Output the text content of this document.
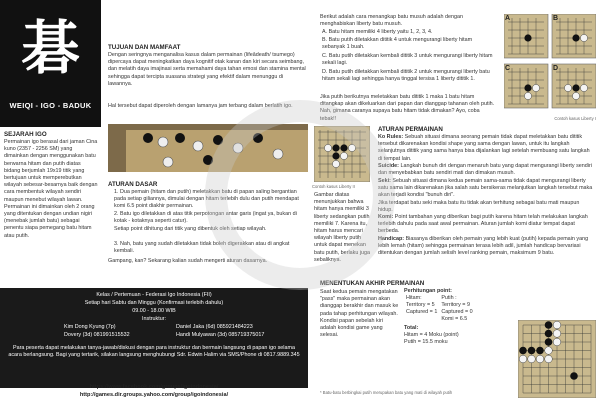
碁
WEIQI - IGO - BADUK
SEJARAH IGO
Permainan igo berasal dari jaman Cina kuno (2357 - 2256 SM) yang dimainkan dengan menggunakan batu berwarna hitam dan putih diatas bidang berjumlah 19x19 titik yang bertujuan untuk memperebutkan wilayah sebesar-besarnya baik dengan cara membentuk wilayah sendiri maupun menebut wilayah lawan. Permainan ini dimainkan oleh 2 orang yang ditentukan dengan undian nigiri (menebak jumlah batu) sebagai penentu siapa pemegang batu hitam atau putih.
TUJUAN DAN MAMFAAT
Dengan seringnya menganalisa kasus dalam permainan (lifeâdeath/ tsumego) dipercaya dapat meningkatkan daya kognitif otak kanan dan kiri secara seimbang, dan melatih daya imajinasi serta memahami daya tahan emosi dan stamina mental sehingga dapat tercipta suasana strategi yang efektif dalam menunggu di lawannya.
Hal tersebut dapat diperoleh dengan lamanya jam terbang dalam berlatih igo.
ATURAN DASAR
1. Dua pemain (hitam dan putih) meletakkan batu di papan saling bergantian pada setiap giliannya, dimulai dengan hitam terlebih dulu dan putih mendapat komi 6.5 point diakhir permainan.
2. Batu igo diletakkan di atas titik perpotongan antar garis (ingat ya, bukan di kotak - kotaknya seperti catur).
Setiap point dihitung dari titik yang dibentuk oleh setiap wilayah.
3. Nah, batu yang sudah diletakkan tidak boleh digerakkan atau di angkat kembali.
Gampang, kan? Sekarang kalian sudah mengerti aturan dasarnya.
Berikut adalah cara menangkap batu musuh adalah dengan menghabiskan liberty batu musuh.
A. Batu hitam memiliki 4 liberty yaitu 1, 2, 3, 4.
B. Batu putih diletakkan dititik 4 untuk mengurangi liberty hitam sebanyak 1 buah.
C. Batu putih diletakkan kembali dititik 3 untuk mengurangi liberty hitam sekali lagi.
D. Batu putih diletakkan kembali dititik 2 untuk mengurangi liberty batu hitam sekali lagi sehingga hanya tinggal tersisa 1 liberty dititik 1.
Jika putih berikutnya meletakkan batu dititik 1 maka 1 batu hitam ditangkap akan dikeluarkan dari papan dan dianggap tahanan oleh putih. Nah, gimana caranya supaya batu hitam tidak dimakan? Ayo, coba tebak!!
A	B
C	D
Contoh kasus Liberty I
Contoh kasus Liberty II
Gambar diatas menunjukkan bahwa hitam hanya memiliki 3 liberty sedangkan putih memiliki 7. Karena itu, hitam harus mencari wilayah liberty putih untuk dapat menekan batu putih, berlaku juga sebaliknya.
ATURAN PERMAINAN
Ko Rules: Sebuah situasi dimana seorang pemain tidak dapat meletakkan batu dititik tersebut dikarenakan kondisi shape yang sama dengan lawan, untuk itu langkah selanjutnya dititik yang sama hanya bisa dijalankan lagi setelah membuang satu langkah di tempat lain.
Suicide: Langkah bunuh diri dengan menaruh batu yang dapat mengurangi liberty sendiri dan menyebabkan batu sendiri mati dan dimakan musuh.
Seki: Sebuah situasi dimana kedua pemain sama-sama tidak dapat mengurangi liberty satu sama lain dikarenakan jika salah satu bersikeras melanjutkan langkah tersebut maka akan terjadi kondisi "bunuh diri".
Jika terdapat batu seki maka batu itu tidak akan terhitung sebagai batu mati maupun hidup.
Komi: Point tambahan yang diberikan bagi putih karena hitam telah melakukan langkah terlebih dahulu pada saat awal permainan. Aturan jumlah komi diatur tempat dapat berbeda.
Handicap: Biasanya diberikan oleh pemain yang lebih kuat (putih) kepada pemain yang lebih lemah (hitam) sehingga permainan terasa lebih adil, jumlah handicap bervariasi ditentukan dengan jumlah selisih level ranking pemain, maksimum 9 batu.
MENENTUKAN AKHIR PERMAINAN
Saat kedua pemain mengatakan "pass" maka permainan akan dianggap berakhir dan masuk ke pada tahap perhitungan wilayah. Kondisi papan sebelah kiri adalah kondisi game yang selesai.
Perhitungan point:
Hitam:	Putih :
Territory = 5	Territory = 9
Captured = 1	Captured = 0
	Komi = 6.5
Total:
Hitam = 4 Moku (point)
Putih = 15.5 moku
* Batu-batu berbingkai putih merupakan batu yang mati di wilayah putih
Kelas / Pertemuan - Federasi Igo Indonesia (FII)
Setiap hari Sabtu dan Minggu (Konfirmasi terlebih dahulu)
09.00 - 18.00 WIB
Instruktur:
Kim Dong Kyung (7p)	Daniel Jaka (6d) 085921484223
Dovery (3d) 081991515532	Handi Mulyawan (3d) 085719375017
Para peserta dapat melakukan tanya-jawab/diskusi dengan para instruktur dan bermain langsung di papan igo selama acara berlangsung. Bagi yang tertarik, silakan langsung menghubungi Sdr. Edwin Halim via SMS/Phone di 0817.9889.345
https://www.facebook.com/groups/igoindonesia/
http://games.dir.groups.yahoo.com/group/igoindonesia/
